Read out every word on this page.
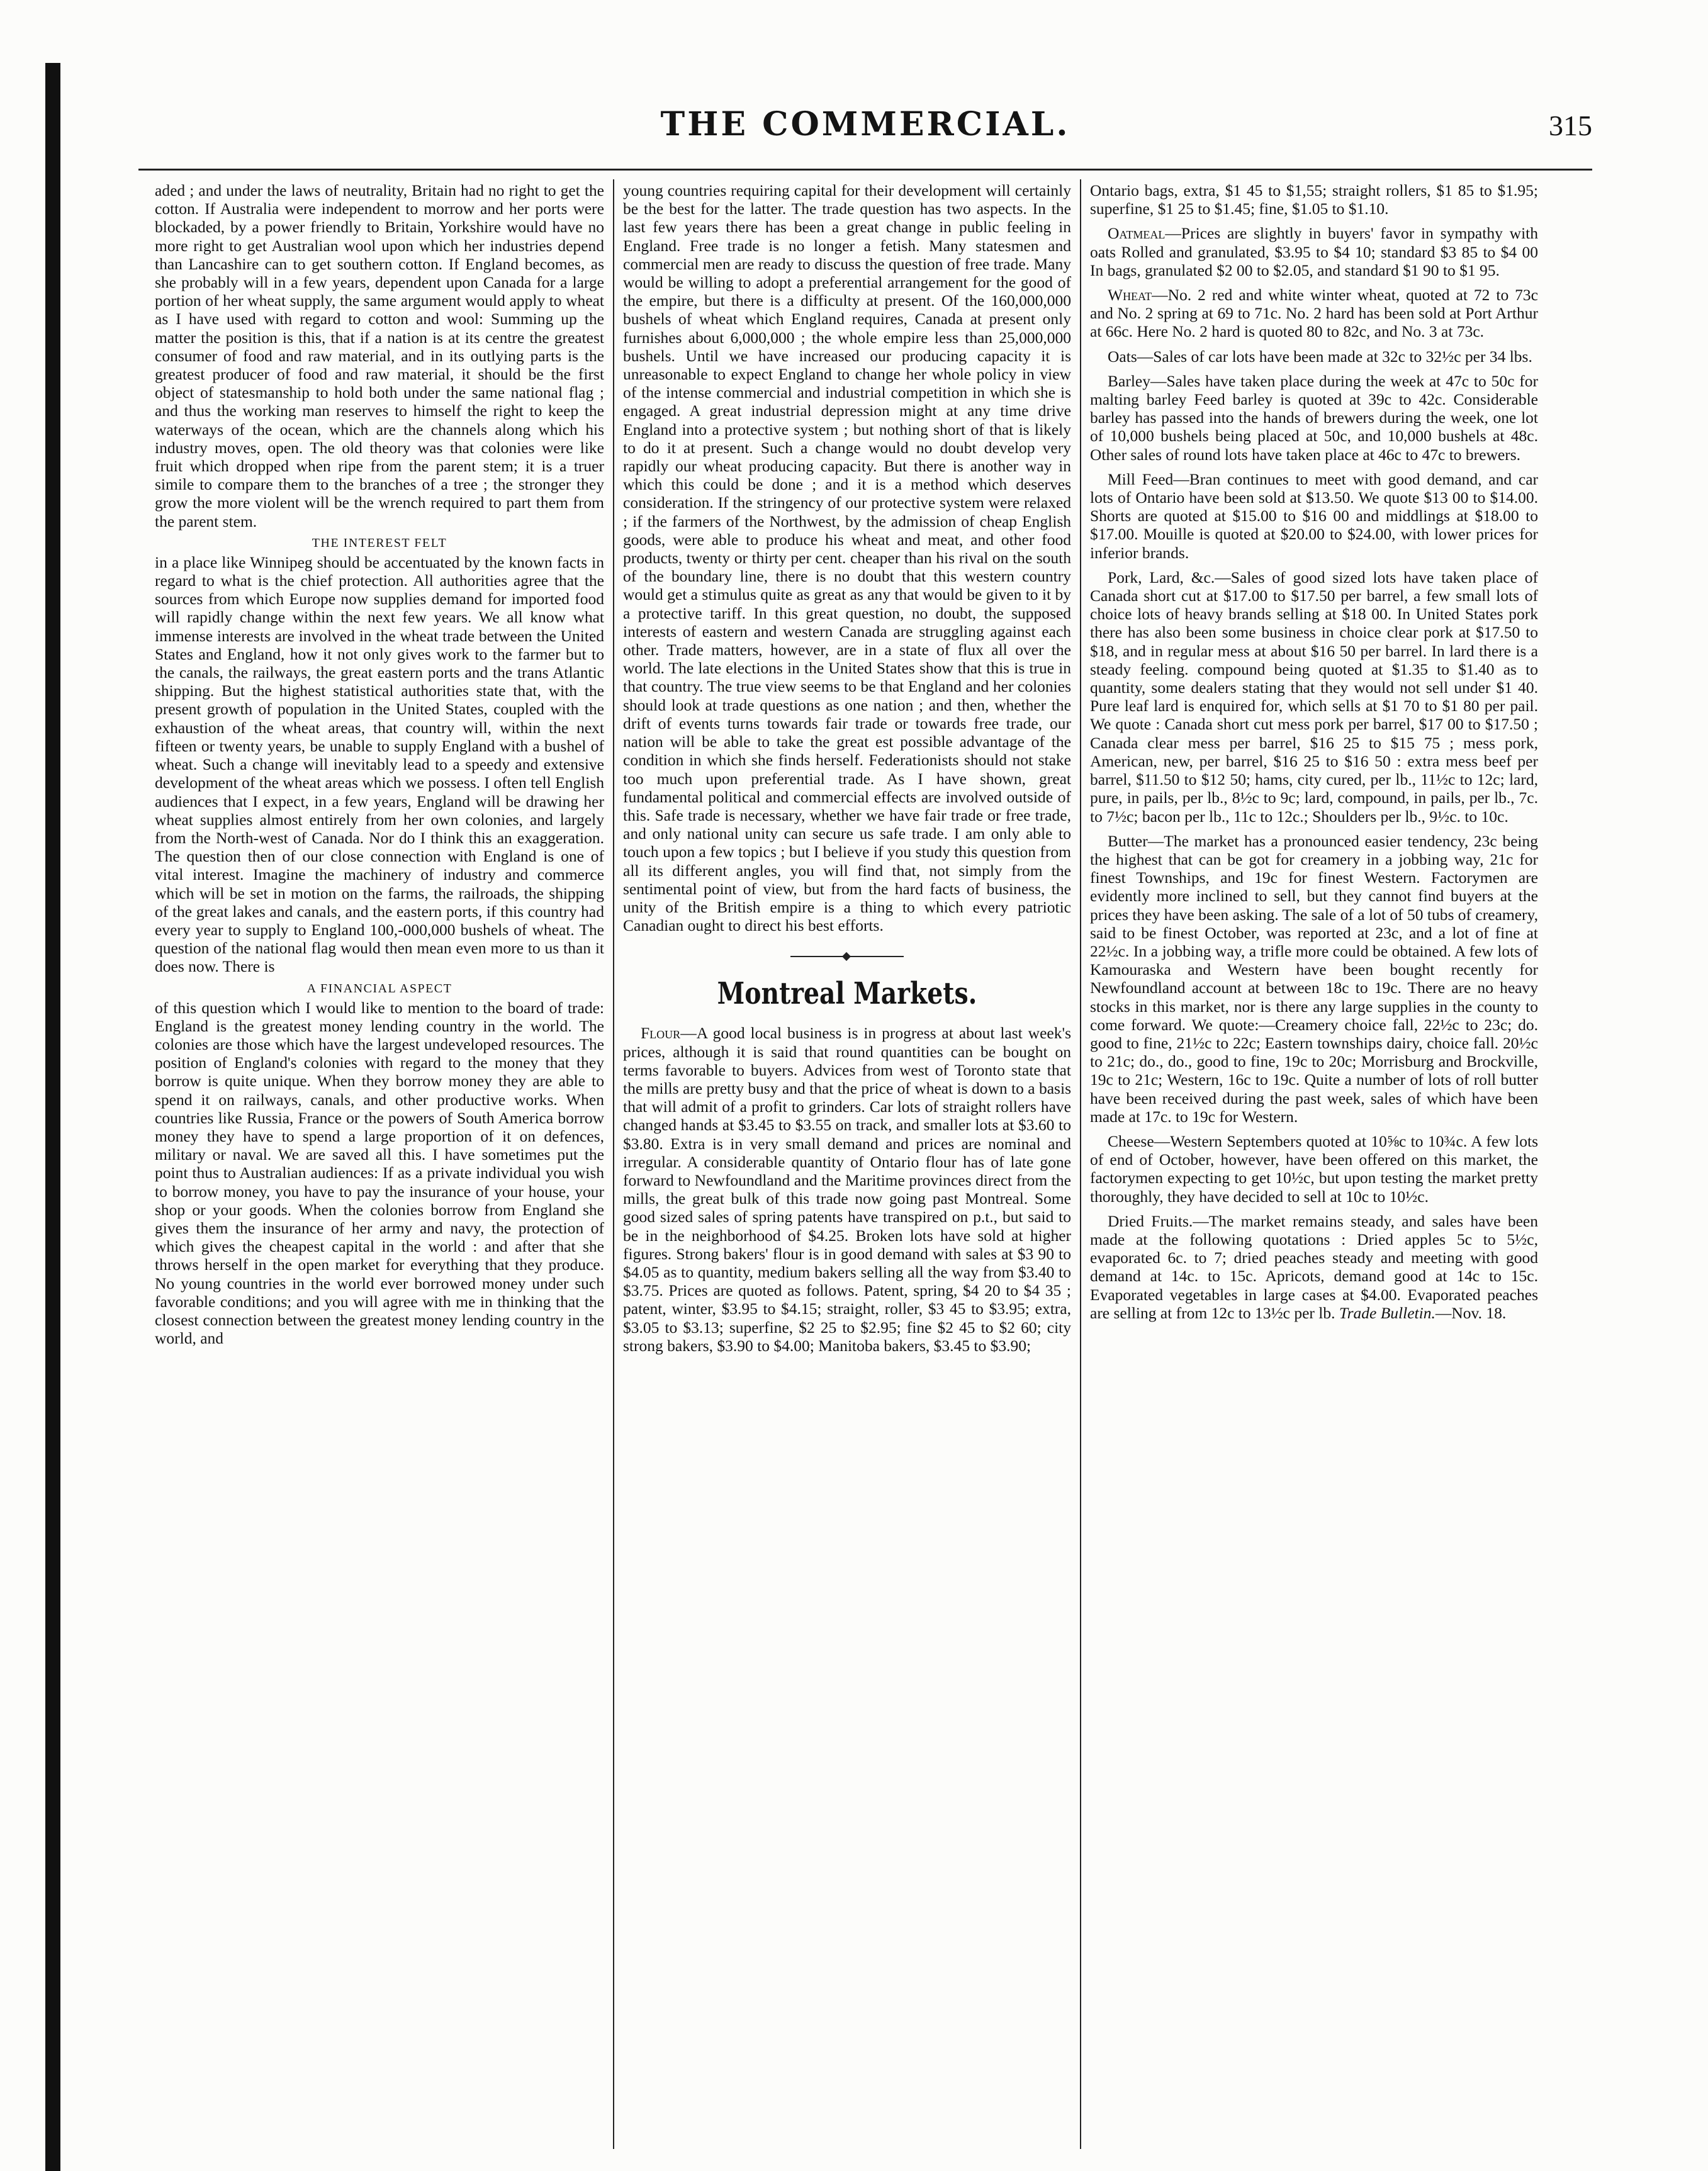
THE COMMERCIAL.	315

aded ; and under the laws of neutrality, Britain had no right to get the cotton. If Australia were independent to morrow and her ports were blockaded, by a power friendly to Britain, Yorkshire would have no more right to get Australian wool upon which her industries depend than Lancashire can to get southern cotton. If England becomes, as she probably will in a few years, dependent upon Canada for a large portion of her wheat supply, the same argument would apply to wheat as I have used with regard to cotton and wool: Summing up the matter the position is this, that if a nation is at its centre the greatest consumer of food and raw material, and in its outlying parts is the greatest producer of food and raw material, it should be the first object of statesmanship to hold both under the same national flag ; and thus the working man reserves to himself the right to keep the waterways of the ocean, which are the channels along which his industry moves, open. The old theory was that colonies were like fruit which dropped when ripe from the parent stem; it is a truer simile to compare them to the branches of a tree ; the stronger they grow the more violent will be the wrench required to part them from the parent stem.

THE INTEREST FELT

in a place like Winnipeg should be accentuated by the known facts in regard to what is the chief protection. All authorities agree that the sources from which Europe now supplies demand for imported food will rapidly change within the next few years. We all know what immense interests are involved in the wheat trade between the United States and England, how it not only gives work to the farmer but to the canals, the railways, the great eastern ports and the trans Atlantic shipping. But the highest statistical authorities state that, with the present growth of population in the United States, coupled with the exhaustion of the wheat areas, that country will, within the next fifteen or twenty years, be unable to supply England with a bushel of wheat. Such a change will inevitably lead to a speedy and extensive development of the wheat areas which we possess. I often tell English audiences that I expect, in a few years, England will be drawing her wheat supplies almost entirely from her own colonies, and largely from the North-west of Canada. Nor do I think this an exaggeration. The question then of our close connection with England is one of vital interest. Imagine the machinery of industry and commerce which will be set in motion on the farms, the railroads, the shipping of the great lakes and canals, and the eastern ports, if this country had every year to supply to England 100,-000,000 bushels of wheat. The question of the national flag would then mean even more to us than it does now. There is

A FINANCIAL ASPECT

of this question which I would like to mention to the board of trade: England is the greatest money lending country in the world. The colonies are those which have the largest undeveloped resources. The position of England's colonies with regard to the money that they borrow is quite unique. When they borrow money they are able to spend it on railways, canals, and other productive works. When countries like Russia, France or the powers of South America borrow money they have to spend a large proportion of it on defences, military or naval. We are saved all this. I have sometimes put the point thus to Australian audiences: If as a private individual you wish to borrow money, you have to pay the insurance of your house, your shop or your goods. When the colonies borrow from England she gives them the insurance of her army and navy, the protection of which gives the cheapest capital in the world : and after that she throws herself in the open market for everything that they produce. No young countries in the world ever borrowed money under such favorable conditions; and you will agree with me in thinking that the closest connection between the greatest money lending country in the world, and

young countries requiring capital for their development will certainly be the best for the latter. The trade question has two aspects. In the last few years there has been a great change in public feeling in England. Free trade is no longer a fetish. Many statesmen and commercial men are ready to discuss the question of free trade. Many would be willing to adopt a preferential arrangement for the good of the empire, but there is a difficulty at present. Of the 160,000,000 bushels of wheat which England requires, Canada at present only furnishes about 6,000,000 ; the whole empire less than 25,000,000 bushels. Until we have increased our producing capacity it is unreasonable to expect England to change her whole policy in view of the intense commercial and industrial competition in which she is engaged. A great industrial depression might at any time drive England into a protective system ; but nothing short of that is likely to do it at present. Such a change would no doubt develop very rapidly our wheat producing capacity. But there is another way in which this could be done ; and it is a method which deserves consideration. If the stringency of our protective system were relaxed ; if the farmers of the Northwest, by the admission of cheap English goods, were able to produce his wheat and meat, and other food products, twenty or thirty per cent. cheaper than his rival on the south of the boundary line, there is no doubt that this western country would get a stimulus quite as great as any that would be given to it by a protective tariff. In this great question, no doubt, the supposed interests of eastern and western Canada are struggling against each other. Trade matters, however, are in a state of flux all over the world. The late elections in the United States show that this is true in that country. The true view seems to be that England and her colonies should look at trade questions as one nation ; and then, whether the drift of events turns towards fair trade or towards free trade, our nation will be able to take the great est possible advantage of the condition in which she finds herself. Federationists should not stake too much upon preferential trade. As I have shown, great fundamental political and commercial effects are involved outside of this. Safe trade is necessary, whether we have fair trade or free trade, and only national unity can secure us safe trade. I am only able to touch upon a few topics ; but I believe if you study this question from all its different angles, you will find that, not simply from the sentimental point of view, but from the hard facts of business, the unity of the British empire is a thing to which every patriotic Canadian ought to direct his best efforts.

Montreal Markets.

Flour—A good local business is in progress at about last week's prices, although it is said that round quantities can be bought on terms favorable to buyers. Advices from west of Toronto state that the mills are pretty busy and that the price of wheat is down to a basis that will admit of a profit to grinders. Car lots of straight rollers have changed hands at $3.45 to $3.55 on track, and smaller lots at $3.60 to $3.80. Extra is in very small demand and prices are nominal and irregular. A considerable quantity of Ontario flour has of late gone forward to Newfoundland and the Maritime provinces direct from the mills, the great bulk of this trade now going past Montreal. Some good sized sales of spring patents have transpired on p.t., but said to be in the neighborhood of $4.25. Broken lots have sold at higher figures. Strong bakers' flour is in good demand with sales at $3 90 to $4.05 as to quantity, medium bakers selling all the way from $3.40 to $3.75. Prices are quoted as follows. Patent, spring, $4 20 to $4 35 ; patent, winter, $3.95 to $4.15; straight, roller, $3 45 to $3.95; extra, $3.05 to $3.13; superfine, $2 25 to $2.95; fine $2 45 to $2 60; city strong bakers, $3.90 to $4.00; Manitoba bakers, $3.45 to $3.90;

Ontario bags, extra, $1 45 to $1,55; straight rollers, $1 85 to $1.95; superfine, $1 25 to $1.45; fine, $1.05 to $1.10.

Oatmeal—Prices are slightly in buyers' favor in sympathy with oats Rolled and granulated, $3.95 to $4 10; standard $3 85 to $4 00 In bags, granulated $2 00 to $2.05, and standard $1 90 to $1 95.

Wheat—No. 2 red and white winter wheat, quoted at 72 to 73c and No. 2 spring at 69 to 71c. No. 2 hard has been sold at Port Arthur at 66c. Here No. 2 hard is quoted 80 to 82c, and No. 3 at 73c.

Oats—Sales of car lots have been made at 32c to 32½c per 34 lbs.

Barley—Sales have taken place during the week at 47c to 50c for malting barley Feed barley is quoted at 39c to 42c. Considerable barley has passed into the hands of brewers during the week, one lot of 10,000 bushels being placed at 50c, and 10,000 bushels at 48c. Other sales of round lots have taken place at 46c to 47c to brewers.

Mill Feed—Bran continues to meet with good demand, and car lots of Ontario have been sold at $13.50. We quote $13 00 to $14.00. Shorts are quoted at $15.00 to $16 00 and middlings at $18.00 to $17.00. Mouille is quoted at $20.00 to $24.00, with lower prices for inferior brands.

Pork, Lard, &c.—Sales of good sized lots have taken place of Canada short cut at $17.00 to $17.50 per barrel, a few small lots of choice lots of heavy brands selling at $18 00. In United States pork there has also been some business in choice clear pork at $17.50 to $18, and in regular mess at about $16 50 per barrel. In lard there is a steady feeling. compound being quoted at $1.35 to $1.40 as to quantity, some dealers stating that they would not sell under $1 40. Pure leaf lard is enquired for, which sells at $1 70 to $1 80 per pail. We quote : Canada short cut mess pork per barrel, $17 00 to $17.50 ; Canada clear mess per barrel, $16 25 to $15 75 ; mess pork, American, new, per barrel, $16 25 to $16 50 : extra mess beef per barrel, $11.50 to $12 50; hams, city cured, per lb., 11½c to 12c; lard, pure, in pails, per lb., 8½c to 9c; lard, compound, in pails, per lb., 7c. to 7½c; bacon per lb., 11c to 12c.; Shoulders per lb., 9½c. to 10c.

Butter—The market has a pronounced easier tendency, 23c being the highest that can be got for creamery in a jobbing way, 21c for finest Townships, and 19c for finest Western. Factorymen are evidently more inclined to sell, but they cannot find buyers at the prices they have been asking. The sale of a lot of 50 tubs of creamery, said to be finest October, was reported at 23c, and a lot of fine at 22½c. In a jobbing way, a trifle more could be obtained. A few lots of Kamouraska and Western have been bought recently for Newfoundland account at between 18c to 19c. There are no heavy stocks in this market, nor is there any large supplies in the county to come forward. We quote:—Creamery choice fall, 22½c to 23c; do. good to fine, 21½c to 22c; Eastern townships dairy, choice fall. 20½c to 21c; do., do., good to fine, 19c to 20c; Morrisburg and Brockville, 19c to 21c; Western, 16c to 19c. Quite a number of lots of roll butter have been received during the past week, sales of which have been made at 17c. to 19c for Western.

Cheese—Western Septembers quoted at 10⅝c to 10¾c. A few lots of end of October, however, have been offered on this market, the factorymen expecting to get 10½c, but upon testing the market pretty thoroughly, they have decided to sell at 10c to 10½c.

Dried Fruits.—The market remains steady, and sales have been made at the following quotations : Dried apples 5c to 5½c, evaporated 6c. to 7; dried peaches steady and meeting with good demand at 14c. to 15c. Apricots, demand good at 14c to 15c. Evaporated vegetables in large cases at $4.00. Evaporated peaches are selling at from 12c to 13½c per lb. Trade Bulletin.—Nov. 18.
